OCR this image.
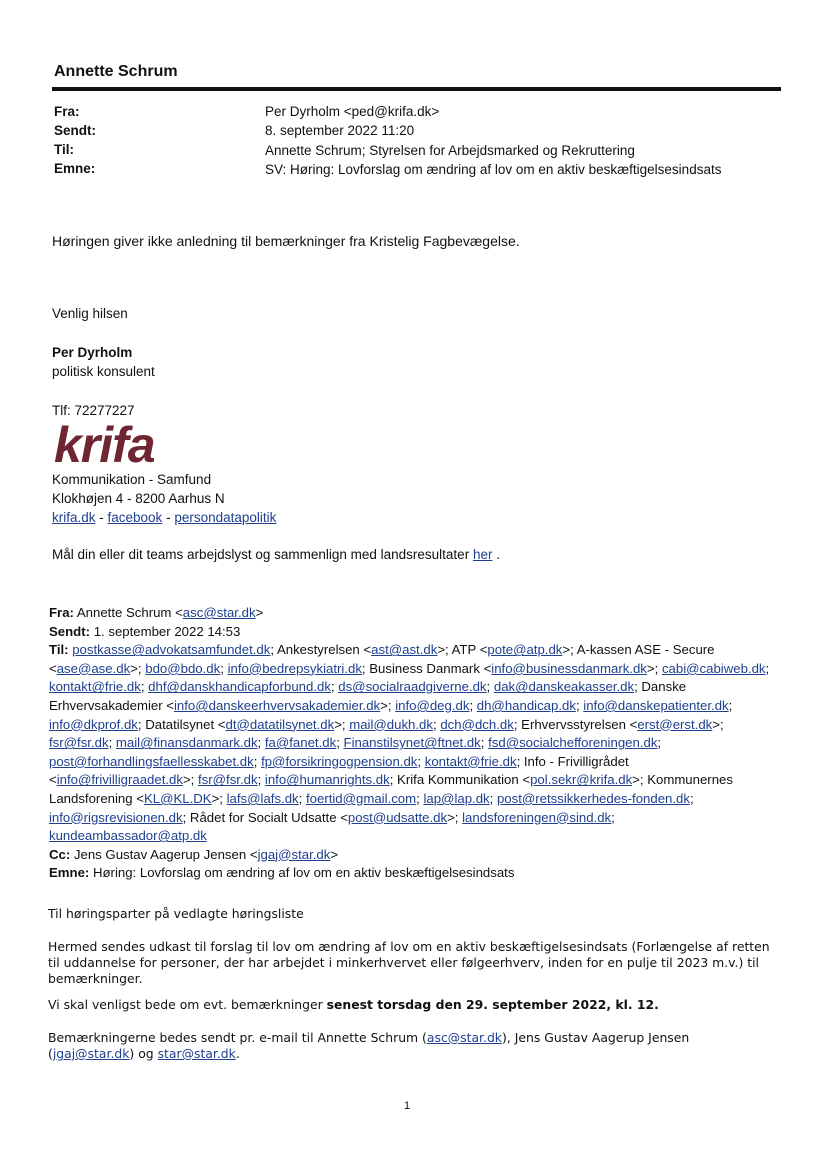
Annette Schrum
Fra:	Per Dyrholm <ped@krifa.dk>
Sendt:	8. september 2022 11:20
Til:	Annette Schrum; Styrelsen for Arbejdsmarked og Rekruttering
Emne:	SV: Høring: Lovforslag om ændring af lov om en aktiv beskæftigelsesindsats
Høringen giver ikke anledning til bemærkninger fra Kristelig Fagbevægelse.
Venlig hilsen
Per Dyrholm
politisk konsulent
Tlf: 72277227
krifa
Kommunikation - Samfund
Klokhøjen 4 - 8200 Aarhus N
krifa.dk - facebook - persondatapolitik
Mål din eller dit teams arbejdslyst og sammenlign med landsresultater her .

Fra: Annette Schrum <asc@star.dk>

Sendt: 1. september 2022 14:53

Til: postkasse@advokatsamfundet.dk; Ankestyrelsen <ast@ast.dk>; ATP <pote@atp.dk>; A-kassen ASE - Secure <ase@ase.dk>; bdo@bdo.dk; info@bedrepsykiatri.dk; Business Danmark <info@businessdanmark.dk>; cabi@cabiweb.dk; kontakt@frie.dk; dhf@danskhandicapforbund.dk; ds@socialraadgiverne.dk; dak@danskeakasser.dk; Danske Erhvervsakademier <info@danskeerhvervsakademier.dk>; info@deg.dk; dh@handicap.dk; info@danskepatienter.dk; info@dkprof.dk; Datatilsynet <dt@datatilsynet.dk>; mail@dukh.dk; dch@dch.dk; Erhvervsstyrelsen <erst@erst.dk>; fsr@fsr.dk; mail@finansdanmark.dk; fa@fanet.dk; Finanstilsynet@ftnet.dk; fsd@socialchefforeningen.dk; post@forhandlingsfaellesskabet.dk; fp@forsikringogpension.dk; kontakt@frie.dk; Info - Frivilligrådet <info@frivilligraadet.dk>; fsr@fsr.dk; info@humanrights.dk; Krifa Kommunikation <pol.sekr@krifa.dk>; Kommunernes Landsforening <KL@KL.DK>; lafs@lafs.dk; foertid@gmail.com; lap@lap.dk; post@retssikkerhedes-fonden.dk; info@rigsrevisionen.dk; Rådet for Socialt Udsatte <post@udsatte.dk>; landsforeningen@sind.dk; kundeambassador@atp.dk

Cc: Jens Gustav Aagerup Jensen <jgaj@star.dk>

Emne: Høring: Lovforslag om ændring af lov om en aktiv beskæftigelsesindsats

Til høringsparter på vedlagte høringsliste
Hermed sendes udkast til forslag til lov om ændring af lov om en aktiv beskæftigelsesindsats (Forlængelse af retten til uddannelse for personer, der har arbejdet i minkerhvervet eller følgeerhverv, inden for en pulje til 2023 m.v.) til bemærkninger.
Vi skal venligst bede om evt. bemærkninger senest torsdag den 29. september 2022, kl. 12.
Bemærkningerne bedes sendt pr. e-mail til Annette Schrum (asc@star.dk), Jens Gustav Aagerup Jensen (jgaj@star.dk) og star@star.dk.
1
